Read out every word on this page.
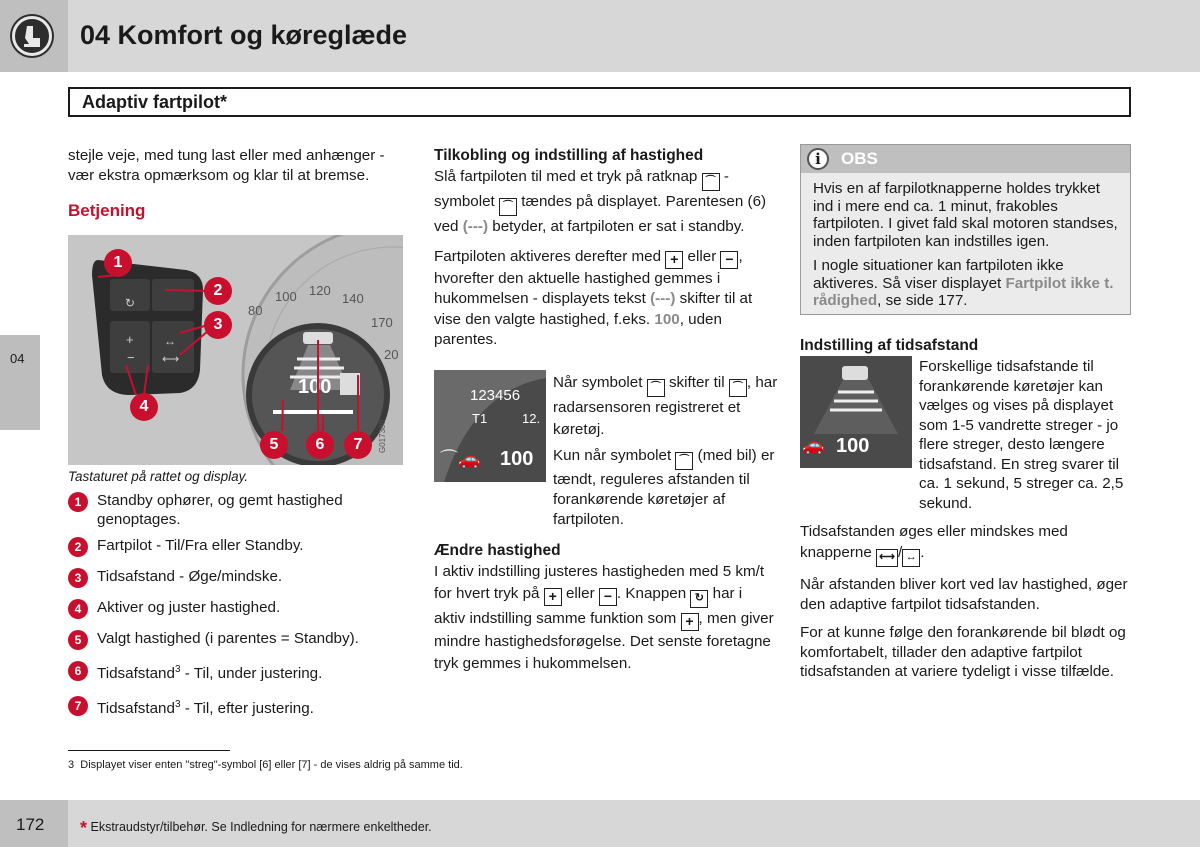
04 Komfort og køreglæde
Adaptiv fartpilot*
04

stejle veje, med tung last eller med anhænger - vær ekstra opmærksom og klar til at bremse.

Betjening

100 120
140
80
170
20
100
↻
+
−
↔
⟷
G017380
1
2
3
4
5	6	7
Tastaturet på rattet og display.
1	Standby ophører, og gemt hastighed genoptages.
2	Fartpilot - Til/Fra eller Standby.
3	Tidsafstand - Øge/mindske.
4	Aktiver og juster hastighed.
5	Valgt hastighed (i parentes = Standby).
6	Tidsafstand$^3$ - Til, under justering.
7	Tidsafstand$^3$ - Til, efter justering.

Tilkobling og indstilling af hastighed

Slå fartpiloten til med et tryk på ratknap ⌒ -symbolet ⌒ tændes på displayet. Parentesen (6) ved (---) betyder, at fartpiloten er sat i standby.

Fartpiloten aktiveres derefter med + eller − , hvorefter den aktuelle hastighed gemmes i hukommelsen - displayets tekst (---) skifter til at vise den valgte hastighed, f.eks. 100, uden parentes.

123456
T1	12.
⌒🚗 100
Når symbolet ⌒ skifter til ⌒ , har radarsensoren registreret et køretøj.
Kun når symbolet ⌒ (med bil) er tændt, reguleres afstanden til forankørende køretøjer af fartpiloten.

Ændre hastighed

I aktiv indstilling justeres hastigheden med 5 km/t for hvert tryk på + eller − . Knappen ↻ har i aktiv indstilling samme funktion som + , men giver mindre hastighedsforøgelse. Det senste foretagne tryk gemmes i hukommelsen.

i	OBS

Hvis en af farpilotknapperne holdes trykket ind i mere end ca. 1 minut, frakobles fartpiloten. I givet fald skal motoren standses, inden fartpiloten kan indstilles igen.

I nogle situationer kan fartpiloten ikke aktiveres. Så viser displayet Fartpilot ikke t. rådighed, se side 177.

Indstilling af tidsafstand
🚗 100

Forskellige tidsafstande til forankørende køretøjer kan vælges og vises på displayet som 1-5 vandrette streger - jo flere streger, desto længere tidsafstand. En streg svarer til ca. 1 sekund, 5 streger ca. 2,5 sekund.

Tidsafstanden øges eller mindskes med knapperne ⟷ / ↔ .

Når afstanden bliver kort ved lav hastighed, øger den adaptive fartpilot tidsafstanden.

For at kunne følge den forankørende bil blødt og komfortabelt, tillader den adaptive fartpilot tidsafstanden at variere tydeligt i visse tilfælde.

3 Displayet viser enten "streg"-symbol [6] eller [7] - de vises aldrig på samme tid.
172 * Ekstraudstyr/tilbehør. Se Indledning for nærmere enkeltheder.
